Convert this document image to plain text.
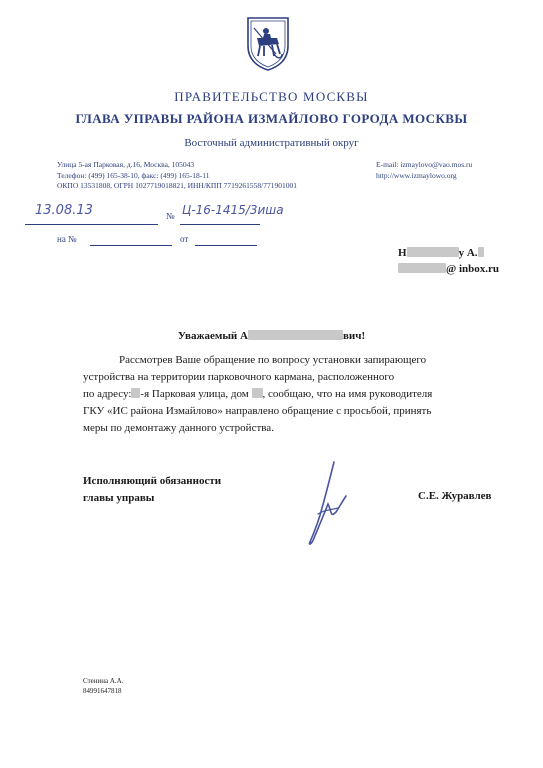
ПРАВИТЕЛЬСТВО МОСКВЫ
ГЛАВА УПРАВЫ РАЙОНА ИЗМАЙЛОВО ГОРОДА МОСКВЫ
Восточный административный округ
Улица 5-ая Парковая, д.16, Москва, 105043
Телефон: (499) 165-38-10, факс: (499) 165-18-11
ОКПО 13531808, ОГРН 1027719018821, ИНН/КПП 7719261558/771901001
E-mail: izmaylovo@vao.mos.ru
http://www.izmaylowo.org
13.08.13	№ Ц-16-1415/3иша
на №	от
Н	у А.
@ inbox.ru
Уважаемый А	вич!
Рассмотрев Ваше обращение по вопросу установки запирающего
устройства на территории парковочного кармана, расположенного
по адресу: -я Парковая улица, дом , сообщаю, что на имя руководителя
ГКУ «ИС района Измайлово» направлено обращение с просьбой, принять
меры по демонтажу данного устройства.
Исполняющий обязанности
главы управы	С.Е. Журавлев
Стенина А.А.
84991647818
